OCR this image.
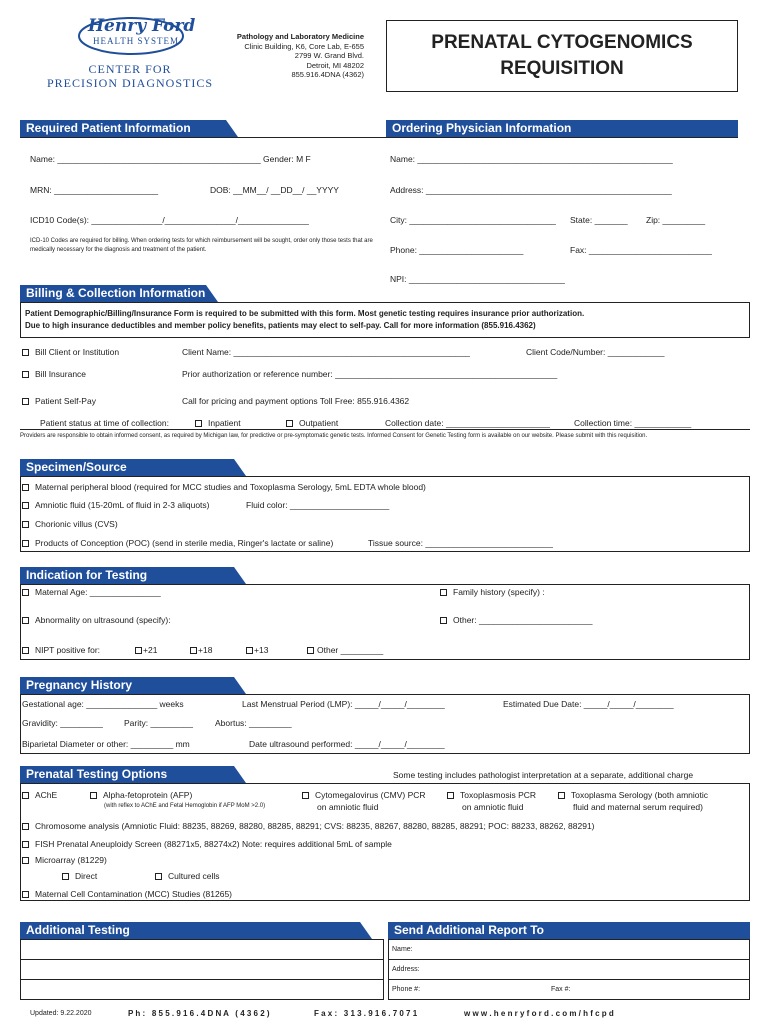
Henry Ford
HEALTH SYSTEM
CENTER FOR
PRECISION DIAGNOSTICS
Pathology and Laboratory Medicine
Clinic Building, K6, Core Lab, E-655
2799 W. Grand Blvd.
Detroit, MI 48202
855.916.4DNA (4362)
PRENATAL CYTOGENOMICS
REQUISITION
Required Patient Information	Ordering Physician Information
Name: ___________________________________________ Gender: M F
MRN: ______________________	DOB: __MM__/ __DD__/ __YYYY
ICD10 Code(s): _______________/_______________/_______________
ICD-10 Codes are required for billing. When ordering tests for which reimbursement will be sought, order only those tests that are medically necessary for the diagnosis and treatment of the patient.
Name: ______________________________________________________
Address: ____________________________________________________
City: _______________________________ State: _______ Zip: _________
Phone: ______________________	Fax: __________________________
NPI: _________________________________
Billing & Collection Information
Patient Demographic/Billing/Insurance Form is required to be submitted with this form. Most genetic testing requires insurance prior authorization.
Due to high insurance deductibles and member policy benefits, patients may elect to self-pay. Call for more information (855.916.4362)
Bill Client or Institution	Client Name: __________________________________________________	Client Code/Number: ____________
Bill Insurance	Prior authorization or reference number: _______________________________________________
Patient Self-Pay	Call for pricing and payment options Toll Free: 855.916.4362
Patient status at time of collection:	Inpatient	Outpatient	Collection date: ______________________	Collection time: ____________
Providers are responsible to obtain informed consent, as required by Michigan law, for predictive or pre-symptomatic genetic tests. Informed Consent for Genetic Testing form is available on our website. Please submit with this requisition.
Specimen/Source
Maternal peripheral blood (required for MCC studies and Toxoplasma Serology, 5mL EDTA whole blood)
Amniotic fluid (15-20mL of fluid in 2-3 aliquots)	Fluid color: _____________________
Chorionic villus (CVS)
Products of Conception (POC) (send in sterile media, Ringer's lactate or saline)	Tissue source: ___________________________
Indication for Testing
Maternal Age: _______________	Family history (specify) :
Abnormality on ultrasound (specify):	Other: ________________________
NIPT positive for:	+21	+18	+13	Other _________
Pregnancy History
Gestational age: _______________ weeks	Last Menstrual Period (LMP): _____/_____/________	Estimated Due Date: _____/_____/________
Gravidity: _________ Parity: _________	Abortus: _________
Biparietal Diameter or other: _________ mm	Date ultrasound performed: _____/_____/________
Prenatal Testing Options	Some testing includes pathologist interpretation at a separate, additional charge
AChE	Alpha-fetoprotein (AFP)
(with reflex to AChE and Fetal Hemoglobin if AFP MoM >2.0)
Cytomegalovirus (CMV) PCR
on amniotic fluid
Toxoplasmosis PCR
on amniotic fluid
Toxoplasma Serology (both amniotic
fluid and maternal serum required)
Chromosome analysis (Amniotic Fluid: 88235, 88269, 88280, 88285, 88291; CVS: 88235, 88267, 88280, 88285, 88291; POC: 88233, 88262, 88291)
FISH Prenatal Aneuploidy Screen (88271x5, 88274x2) Note: requires additional 5mL of sample
Microarray (81229)
Direct	Cultured cells
Maternal Cell Contamination (MCC) Studies (81265)
Additional Testing	Send Additional Report To
Name:
Address:
Phone #:	Fax #:
Updated: 9.22.2020	P h :   8 5 5 . 9 1 6 . 4 D N A   ( 4 3 6 2 )	F a x :   3 1 3 . 9 1 6 . 7 0 7 1	w w w . h e n r y f o r d . c o m / h f c p d
